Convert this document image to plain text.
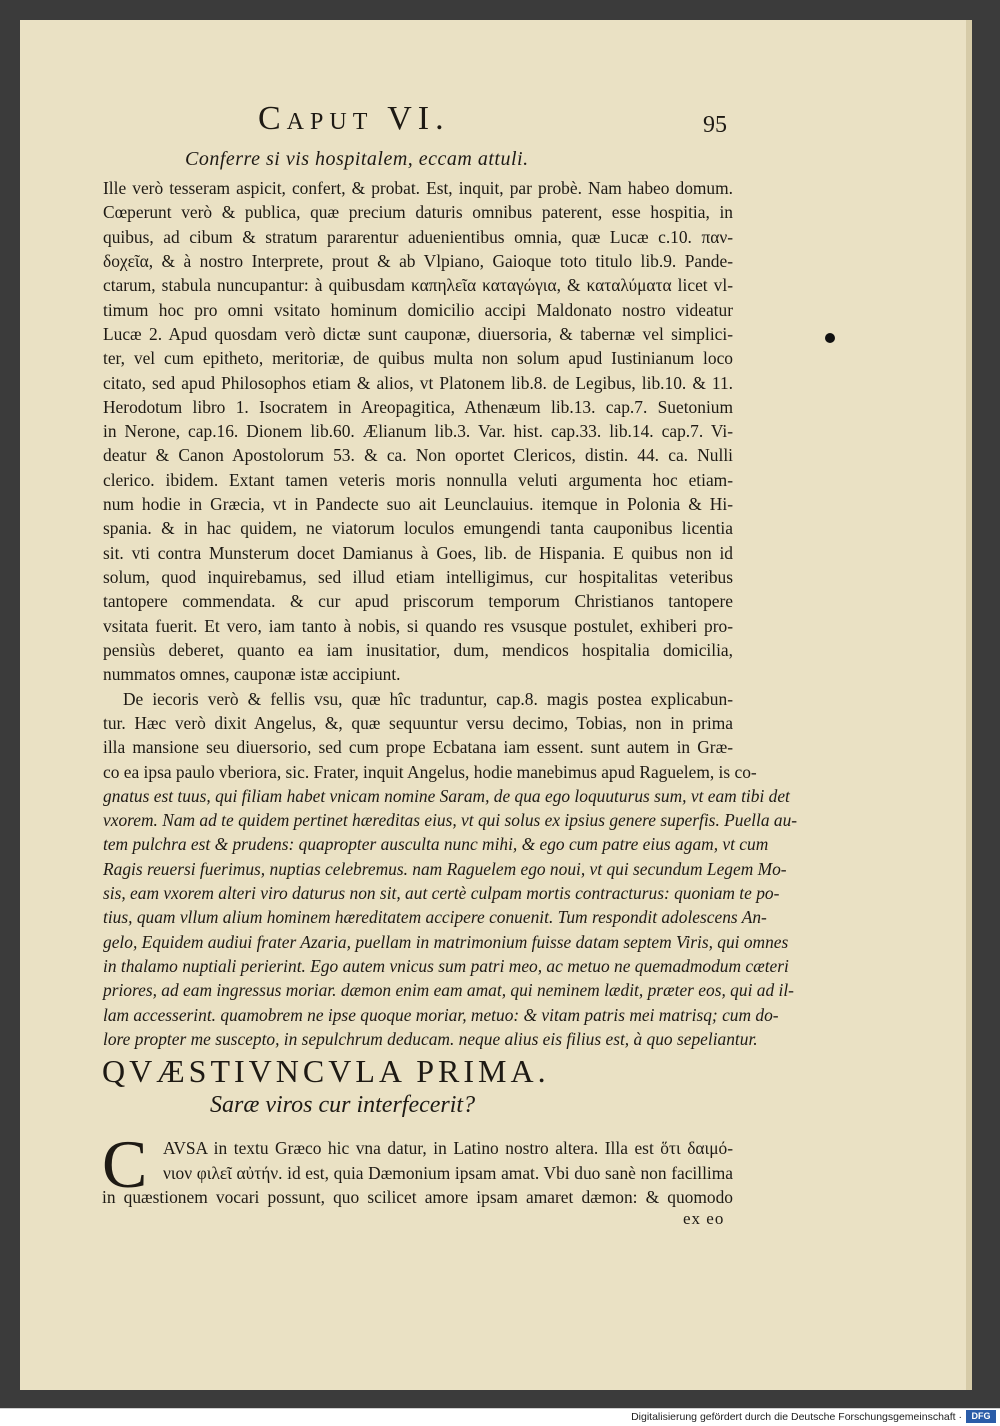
Caput VI.	95
Conferre si vis hospitalem, eccam attuli.
Ille verò tesseram aspicit, confert, & probat. Est, inquit, par probè. Nam habeo domum.
Cœperunt verò & publica, quæ precium daturis omnibus paterent, esse hospitia, in
quibus, ad cibum & stratum pararentur aduenientibus omnia, quæ Lucæ c.10. παν-
δοχεῖα, & à nostro Interprete, prout & ab Vlpiano, Gaioque toto titulo lib.9. Pande-
ctarum, stabula nuncupantur: à quibusdam καπηλεῖα καταγώγια, & καταλύματα licet vl-
timum hoc pro omni vsitato hominum domicilio accipi Maldonato nostro videatur
Lucæ 2. Apud quosdam verò dictæ sunt cauponæ, diuersoria, & tabernæ vel simplici-
ter, vel cum epitheto, meritoriæ, de quibus multa non solum apud Iustinianum loco
citato, sed apud Philosophos etiam & alios, vt Platonem lib.8. de Legibus, lib.10. & 11.
Herodotum libro 1. Isocratem in Areopagitica, Athenæum lib.13. cap.7. Suetonium
in Nerone, cap.16. Dionem lib.60. Ælianum lib.3. Var. hist. cap.33. lib.14. cap.7. Vi-
deatur & Canon Apostolorum 53. & ca. Non oportet Clericos, distin. 44. ca. Nulli
clerico. ibidem. Extant tamen veteris moris nonnulla veluti argumenta hoc etiam-
num hodie in Græcia, vt in Pandecte suo ait Leunclauius. itemque in Polonia & Hi-
spania. & in hac quidem, ne viatorum loculos emungendi tanta cauponibus licentia
sit. vti contra Munsterum docet Damianus à Goes, lib. de Hispania. E quibus non id
solum, quod inquirebamus, sed illud etiam intelligimus, cur hospitalitas veteribus
tantopere commendata. & cur apud priscorum temporum Christianos tantopere
vsitata fuerit. Et vero, iam tanto à nobis, si quando res vsusque postulet, exhiberi pro-
pensiùs deberet, quanto ea iam inusitatior, dum, mendicos hospitalia domicilia,
nummatos omnes, cauponæ istæ accipiunt.
De iecoris verò & fellis vsu, quæ hîc traduntur, cap.8. magis postea explicabun-
tur. Hæc verò dixit Angelus, &, quæ sequuntur versu decimo, Tobias, non in prima
illa mansione seu diuersorio, sed cum prope Ecbatana iam essent. sunt autem in Græ-
co ea ipsa paulo vberiora, sic. Frater, inquit Angelus, hodie manebimus apud Raguelem, is co-
gnatus est tuus, qui filiam habet vnicam nomine Saram, de qua ego loquuturus sum, vt eam tibi det
vxorem. Nam ad te quidem pertinet hæreditas eius, vt qui solus ex ipsius genere superfis. Puella au-
tem pulchra est & prudens: quapropter ausculta nunc mihi, & ego cum patre eius agam, vt cum
Ragis reuersi fuerimus, nuptias celebremus. nam Raguelem ego noui, vt qui secundum Legem Mo-
sis, eam vxorem alteri viro daturus non sit, aut certè culpam mortis contracturus: quoniam te po-
tius, quam vllum alium hominem hæreditatem accipere conuenit. Tum respondit adolescens An-
gelo, Equidem audiui frater Azaria, puellam in matrimonium fuisse datam septem Viris, qui omnes
in thalamo nuptiali perierint. Ego autem vnicus sum patri meo, ac metuo ne quemadmodum cæteri
priores, ad eam ingressus moriar. dæmon enim eam amat, qui neminem lædit, præter eos, qui ad il-
lam accesserint. quamobrem ne ipse quoque moriar, metuo: & vitam patris mei matrisq; cum do-
lore propter me suscepto, in sepulchrum deducam. neque alius eis filius est, à quo sepeliantur.
QVÆSTIVNCVLA PRIMA.
Saræ viros cur interfecerit?
C AVSA in textu Græco hic vna datur, in Latino nostro altera. Illa est ὅτι δαιμό-
νιον φιλεῖ αὐτήν. id est, quia Dæmonium ipsam amat. Vbi duo sanè non facillima
in quæstionem vocari possunt, quo scilicet amore ipsam amaret dæmon: & quomodo
ex eo
Digitalisierung gefördert durch die Deutsche Forschungsgemeinschaft ·	DFG
